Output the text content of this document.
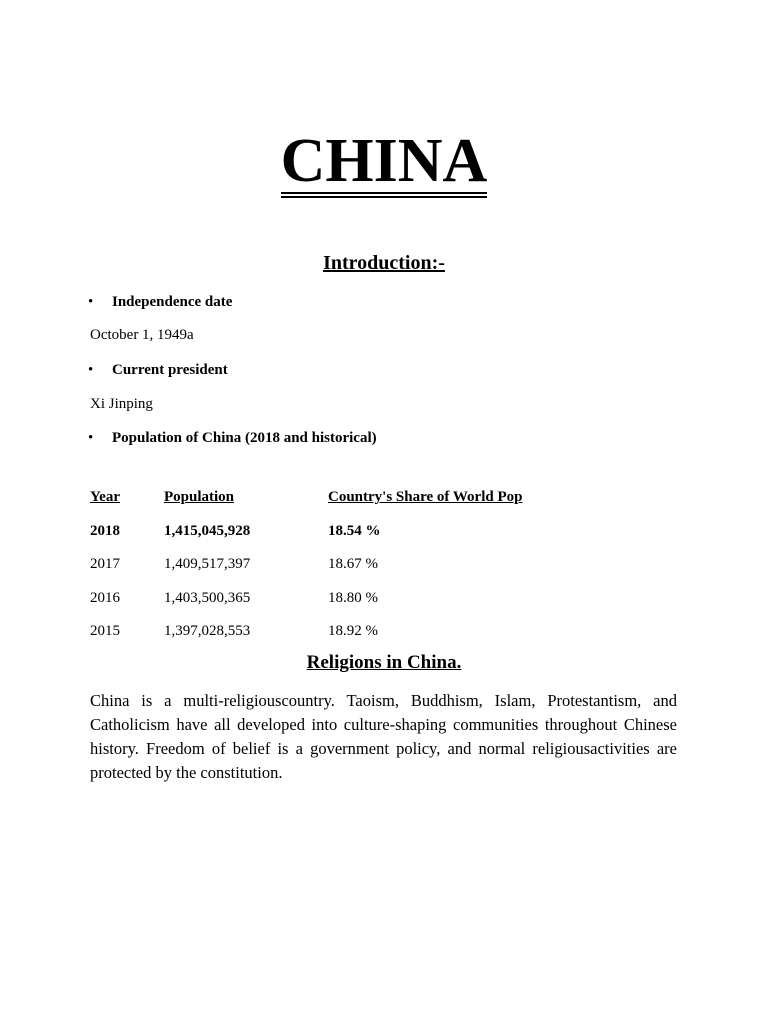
CHINA
Introduction:-
• Independence date
October 1, 1949a
• Current president
Xi Jinping
• Population of China (2018 and historical)
Year	Population	Country's Share of World Pop
2018	1,415,045,928	18.54 %
2017	1,409,517,397	18.67 %
2016	1,403,500,365	18.80 %
2015	1,397,028,553	18.92 %
Religions in China.

China is a multi-religiouscountry. Taoism, Buddhism, Islam, Protestantism, and Catholicism have all developed into culture-shaping communities throughout Chinese history. Freedom of belief is a government policy, and normal religiousactivities are protected by the constitution.
